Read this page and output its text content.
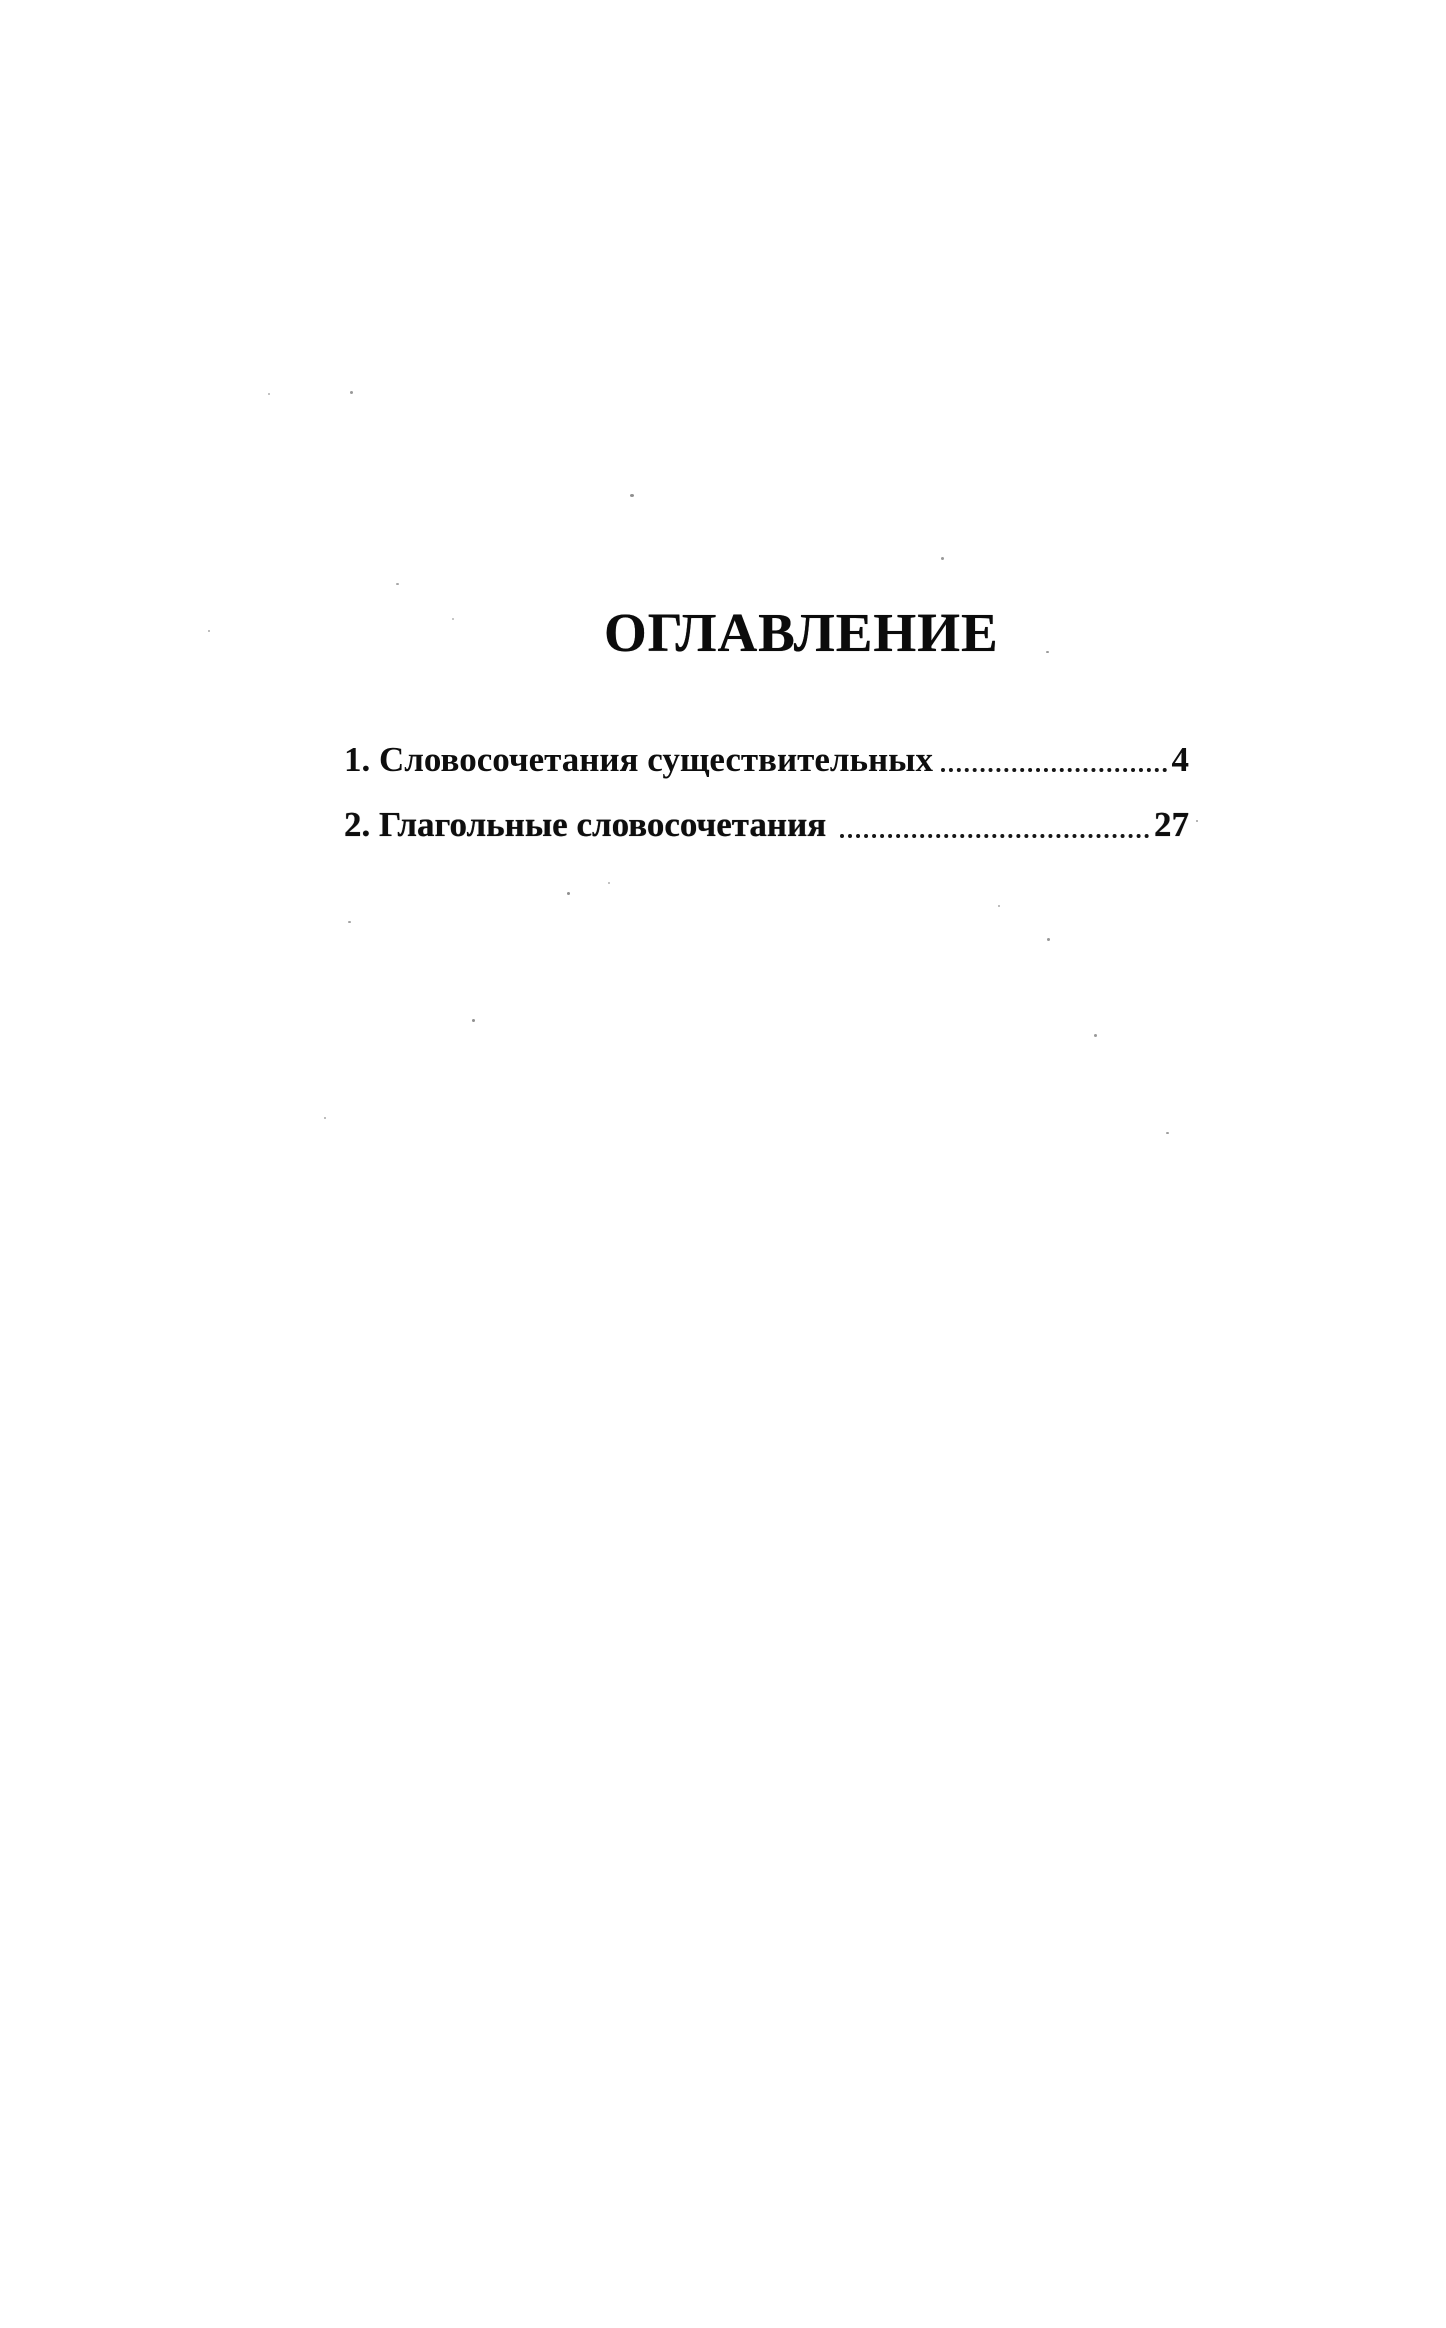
ОГЛАВЛЕНИЕ
1. Словосочетания существительных	4
2. Глагольные словосочетания	27
